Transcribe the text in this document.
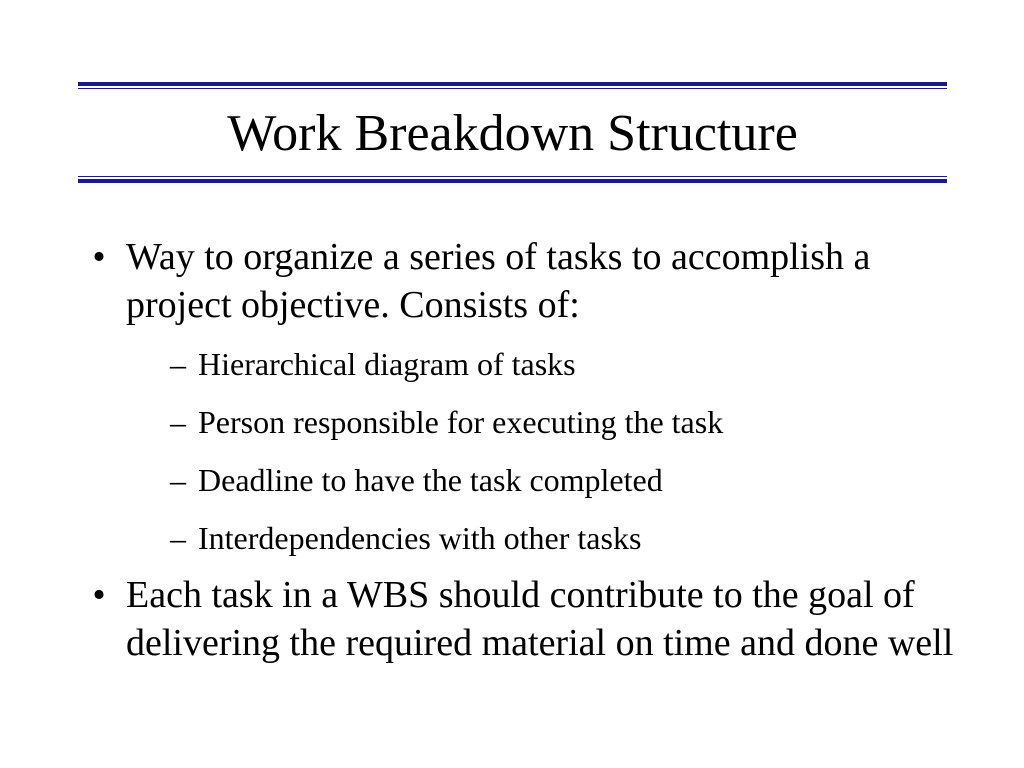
Work Breakdown Structure
• Way to organize a series of tasks to accomplish a project objective. Consists of:
– Hierarchical diagram of tasks
– Person responsible for executing the task
– Deadline to have the task completed
– Interdependencies with other tasks
• Each task in a WBS should contribute to the goal of delivering the required material on time and done well
